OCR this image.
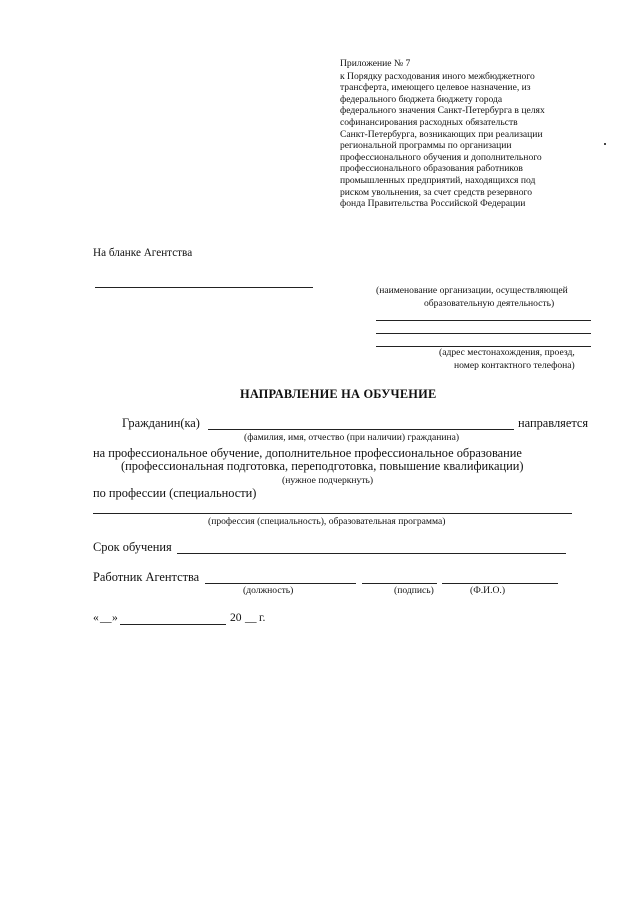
Приложение № 7
к Порядку расходования иного межбюджетного
трансферта, имеющего целевое назначение, из
федерального бюджета бюджету города
федерального значения Санкт-Петербурга в целях
софинансирования расходных обязательств
Санкт-Петербурга, возникающих при реализации
региональной программы по организации
профессионального обучения и дополнительного
профессионального образования работников
промышленных предприятий, находящихся под
риском увольнения, за счет средств резервного
фонда Правительства Российской Федерации
На бланке Агентства
(наименование организации, осуществляющей
образовательную деятельность)
(адрес местонахождения, проезд,
номер контактного телефона)
НАПРАВЛЕНИЕ НА ОБУЧЕНИЕ
Гражданин(ка)	направляется
(фамилия, имя, отчество (при наличии) гражданина)
на профессиональное обучение, дополнительное профессиональное образование
(профессиональная подготовка, переподготовка, повышение квалификации)
(нужное подчеркнуть)
по профессии (специальности)
(профессия (специальность), образовательная программа)
Срок обучения
Работник Агентства
(должность)	(подпись)	(Ф.И.О.)
« __ »	20 __ г.
